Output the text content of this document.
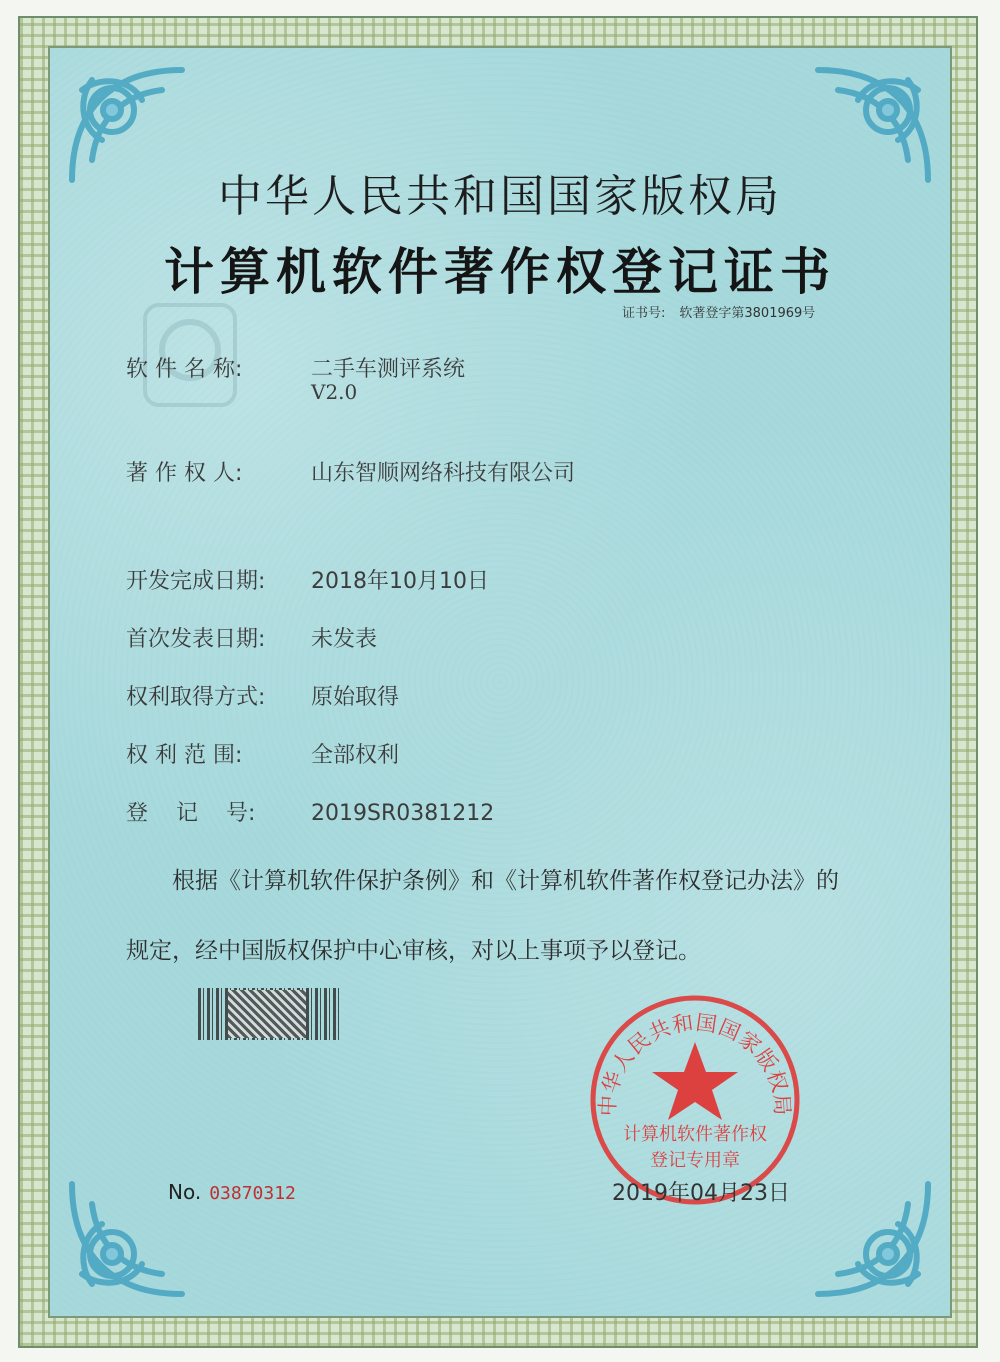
中华人民共和国国家版权局
计算机软件著作权登记证书
证书号: 软著登字第3801969号
软 件 名 称:	二手车测评系统
V2.0
著 作 权 人:	山东智顺网络科技有限公司
开发完成日期: 2018年10月10日
首次发表日期: 未发表
权利取得方式: 原始取得
权 利 范 围:	全部权利
登    记    号:	2019SR0381212
根据《计算机软件保护条例》和《计算机软件著作权登记办法》的
规定，经中国版权保护中心审核，对以上事项予以登记。
中华人民共和国国家版权局
计算机软件著作权
登记专用章
No. 03870312	2019年04月23日
